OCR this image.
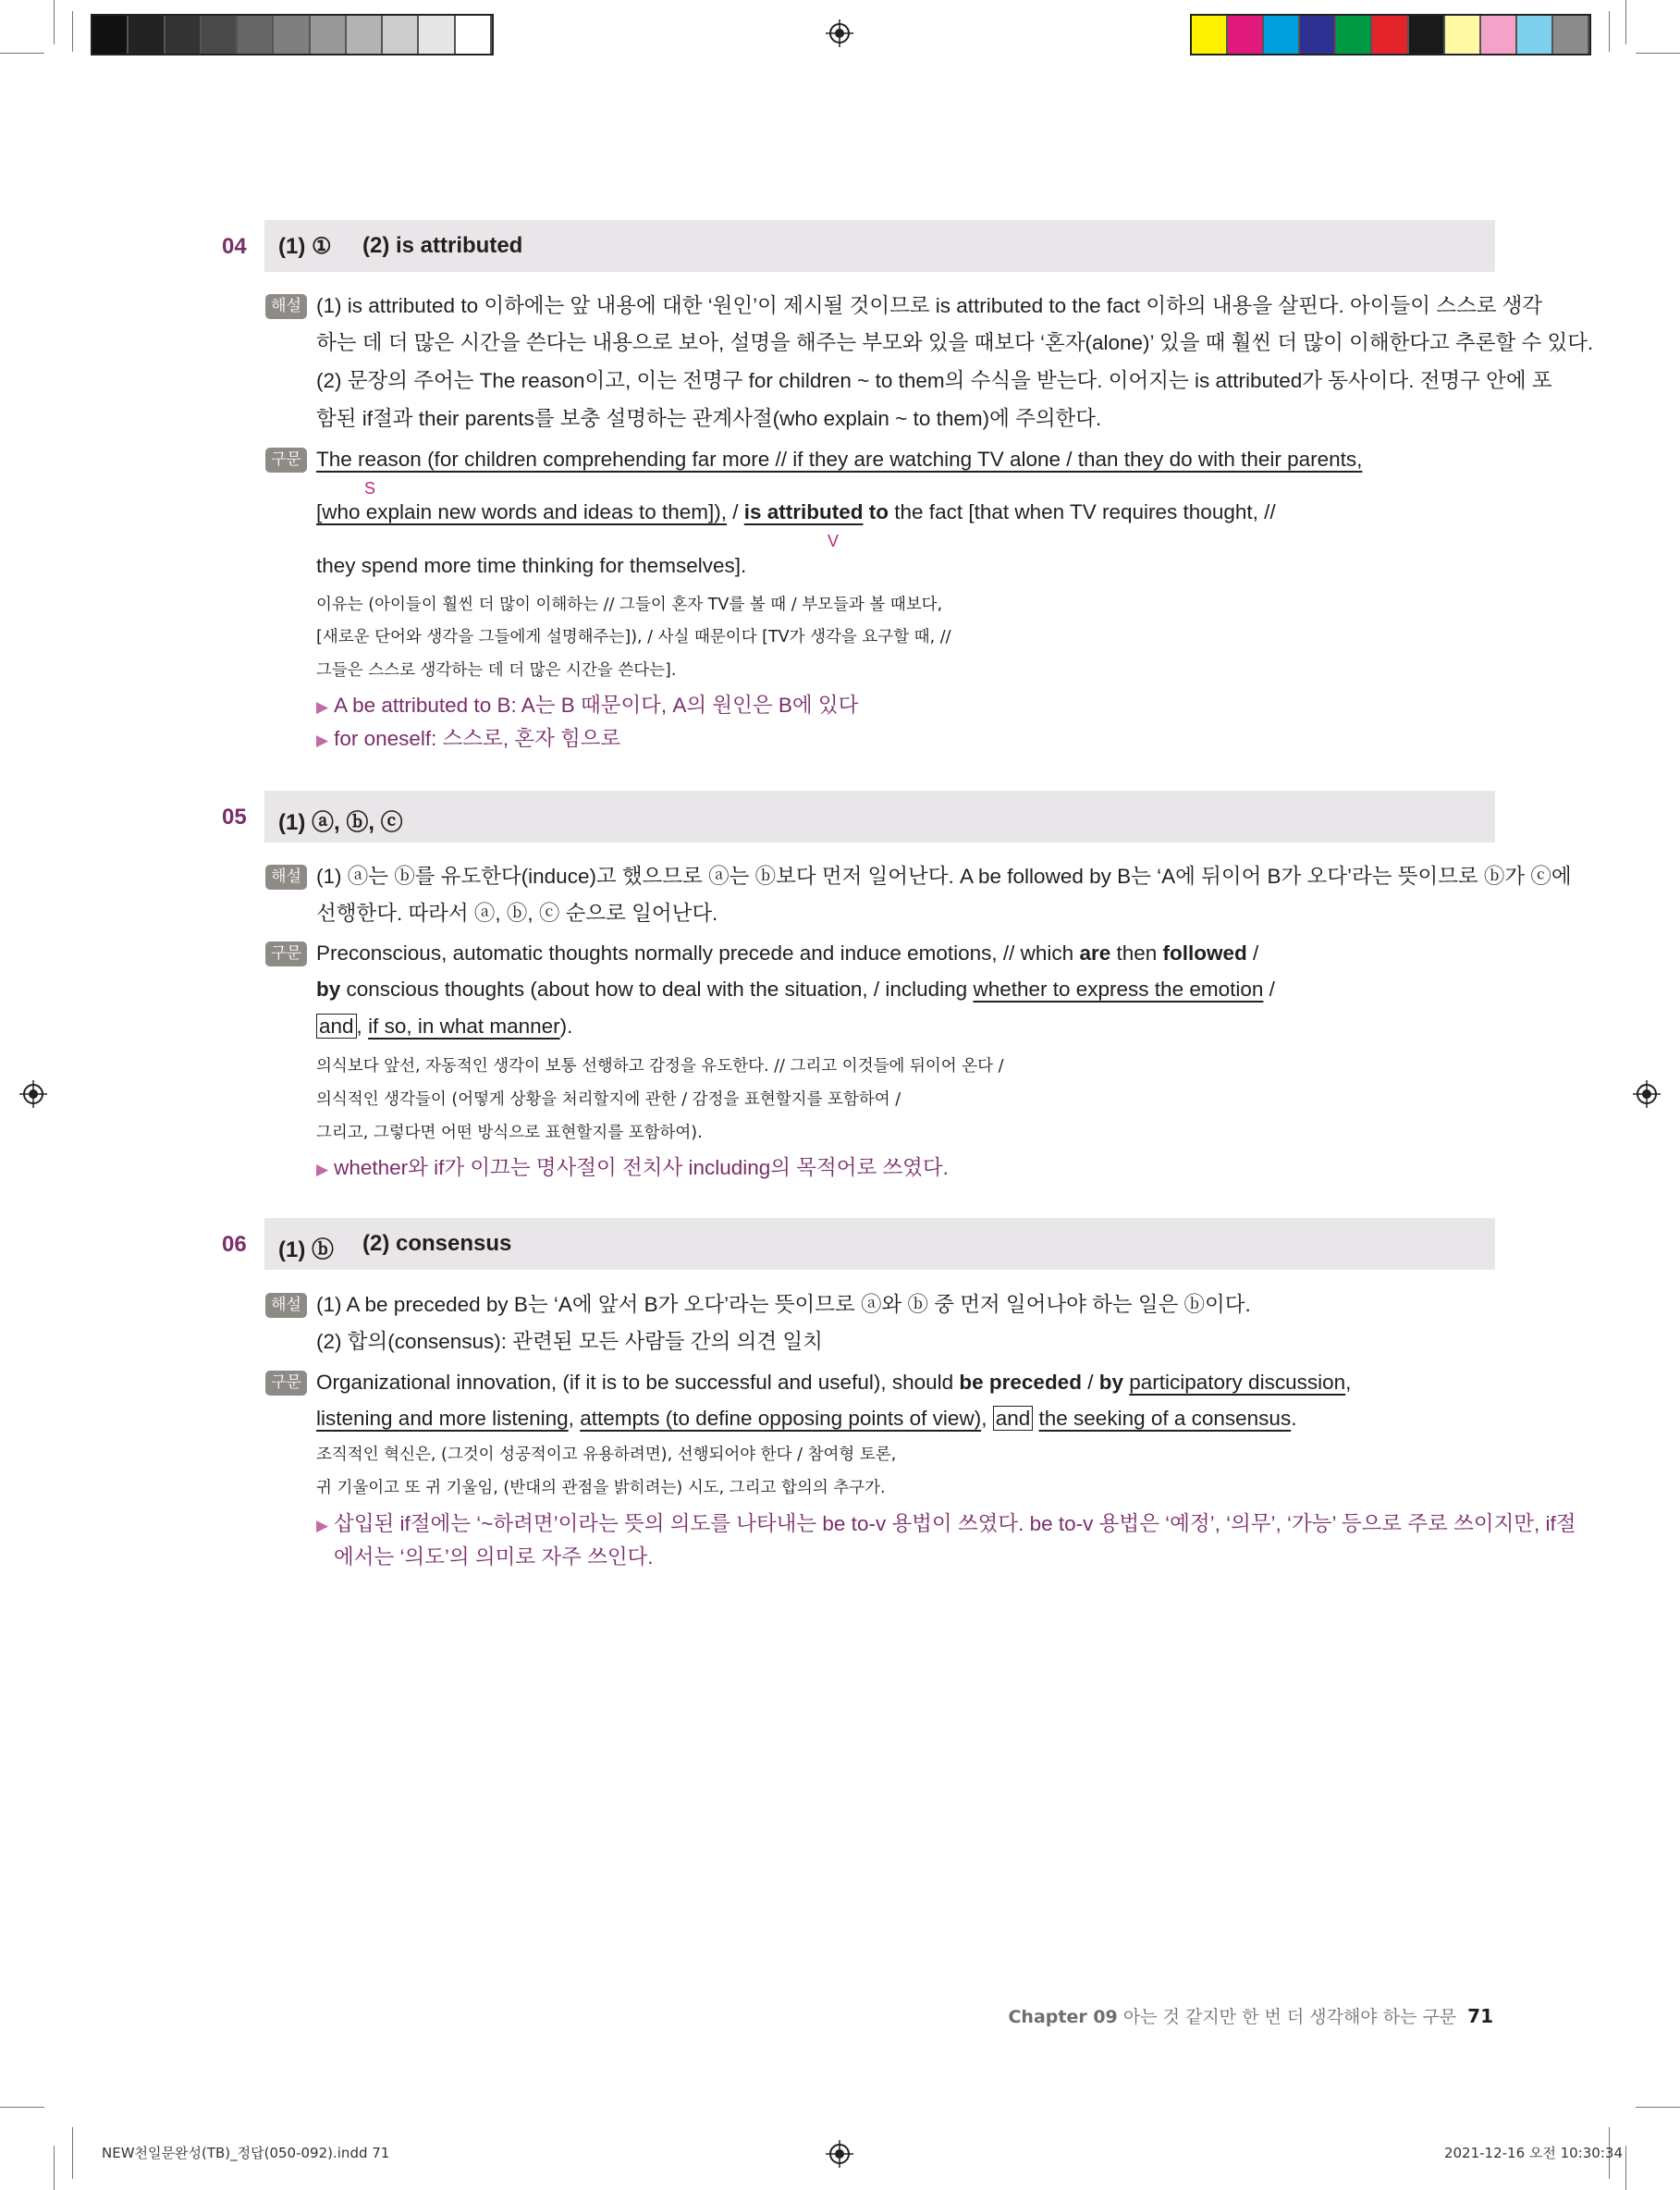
04 (1) ① (2) is attributed
해설 (1) is attributed to 이하에는 앞 내용에 대한 ‘원인’이 제시될 것이므로 is attributed to the fact 이하의 내용을 살핀다. 아이들이 스스로 생각
하는 데 더 많은 시간을 쓴다는 내용으로 보아, 설명을 해주는 부모와 있을 때보다 ‘혼자(alone)’ 있을 때 훨씬 더 많이 이해한다고 추론할 수 있다.
(2) 문장의 주어는 The reason이고, 이는 전명구 for children ~ to them의 수식을 받는다. 이어지는 is attributed가 동사이다. 전명구 안에 포
함된 if절과 their parents를 보충 설명하는 관계사절(who explain ~ to them)에 주의한다.
구문 The reason (for children comprehending far more // if they are watching TV alone / than they do with their parents,
S
[who explain new words and ideas to them]), / is attributed to the fact [that when TV requires thought, //
V
they spend more time thinking for themselves].
이유는 (아이들이 훨씬 더 많이 이해하는 // 그들이 혼자 TV를 볼 때 / 부모들과 볼 때보다,
[새로운 단어와 생각을 그들에게 설명해주는]), / 사실 때문이다 [TV가 생각을 요구할 때, //
그들은 스스로 생각하는 데 더 많은 시간을 쓴다는].
▶ A be attributed to B: A는 B 때문이다, A의 원인은 B에 있다
▶ for oneself: 스스로, 혼자 힘으로
05 (1) ⓐ, ⓑ, ⓒ
해설 (1) ⓐ는 ⓑ를 유도한다(induce)고 했으므로 ⓐ는 ⓑ보다 먼저 일어난다. A be followed by B는 ‘A에 뒤이어 B가 오다’라는 뜻이므로 ⓑ가 ⓒ에
선행한다. 따라서 ⓐ, ⓑ, ⓒ 순으로 일어난다.
구문 Preconscious, automatic thoughts normally precede and induce emotions, // which are then followed /
by conscious thoughts (about how to deal with the situation, / including whether to express the emotion /
and , if so, in what manner).
의식보다 앞선, 자동적인 생각이 보통 선행하고 감정을 유도한다. // 그리고 이것들에 뒤이어 온다 /
의식적인 생각들이 (어떻게 상황을 처리할지에 관한 / 감정을 표현할지를 포함하여 /
그리고, 그렇다면 어떤 방식으로 표현할지를 포함하여).
▶ whether와 if가 이끄는 명사절이 전치사 including의 목적어로 쓰였다.
06 (1) ⓑ (2) consensus
해설 (1) A be preceded by B는 ‘A에 앞서 B가 오다’라는 뜻이므로 ⓐ와 ⓑ 중 먼저 일어나야 하는 일은 ⓑ이다.
(2) 합의(consensus): 관련된 모든 사람들 간의 의견 일치
구문 Organizational innovation, (if it is to be successful and useful), should be preceded / by participatory discussion,
listening and more listening, attempts (to define opposing points of view), and the seeking of a consensus.
조직적인 혁신은, (그것이 성공적이고 유용하려면), 선행되어야 한다 / 참여형 토론,
귀 기울이고 또 귀 기울임, (반대의 관점을 밝히려는) 시도, 그리고 합의의 추구가.
▶ 삽입된 if절에는 ‘~하려면’이라는 뜻의 의도를 나타내는 be to-v 용법이 쓰였다. be to-v 용법은 ‘예정’, ‘의무’, ‘가능’ 등으로 주로 쓰이지만, if절
에서는 ‘의도’의 의미로 자주 쓰인다.
Chapter 09 아는 것 같지만 한 번 더 생각해야 하는 구문 71
NEW천일문완성(TB)_정답(050-092).indd 71	2021-12-16 오전 10:30:34
